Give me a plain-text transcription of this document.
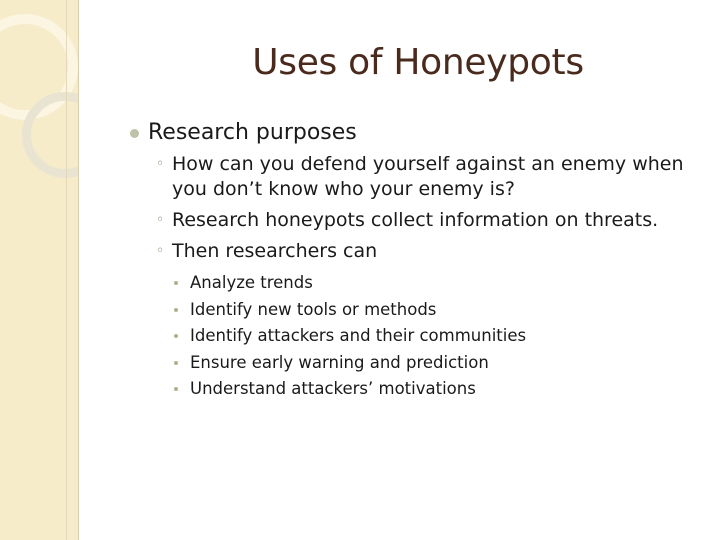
Uses of Honeypots
Research purposes
◦ How can you defend yourself against an enemy when you don’t know who your enemy is?
◦ Research honeypots collect information on threats.
◦ Then researchers can
Analyze trends
Identify new tools or methods
Identify attackers and their communities
Ensure early warning and prediction
Understand attackers’ motivations
